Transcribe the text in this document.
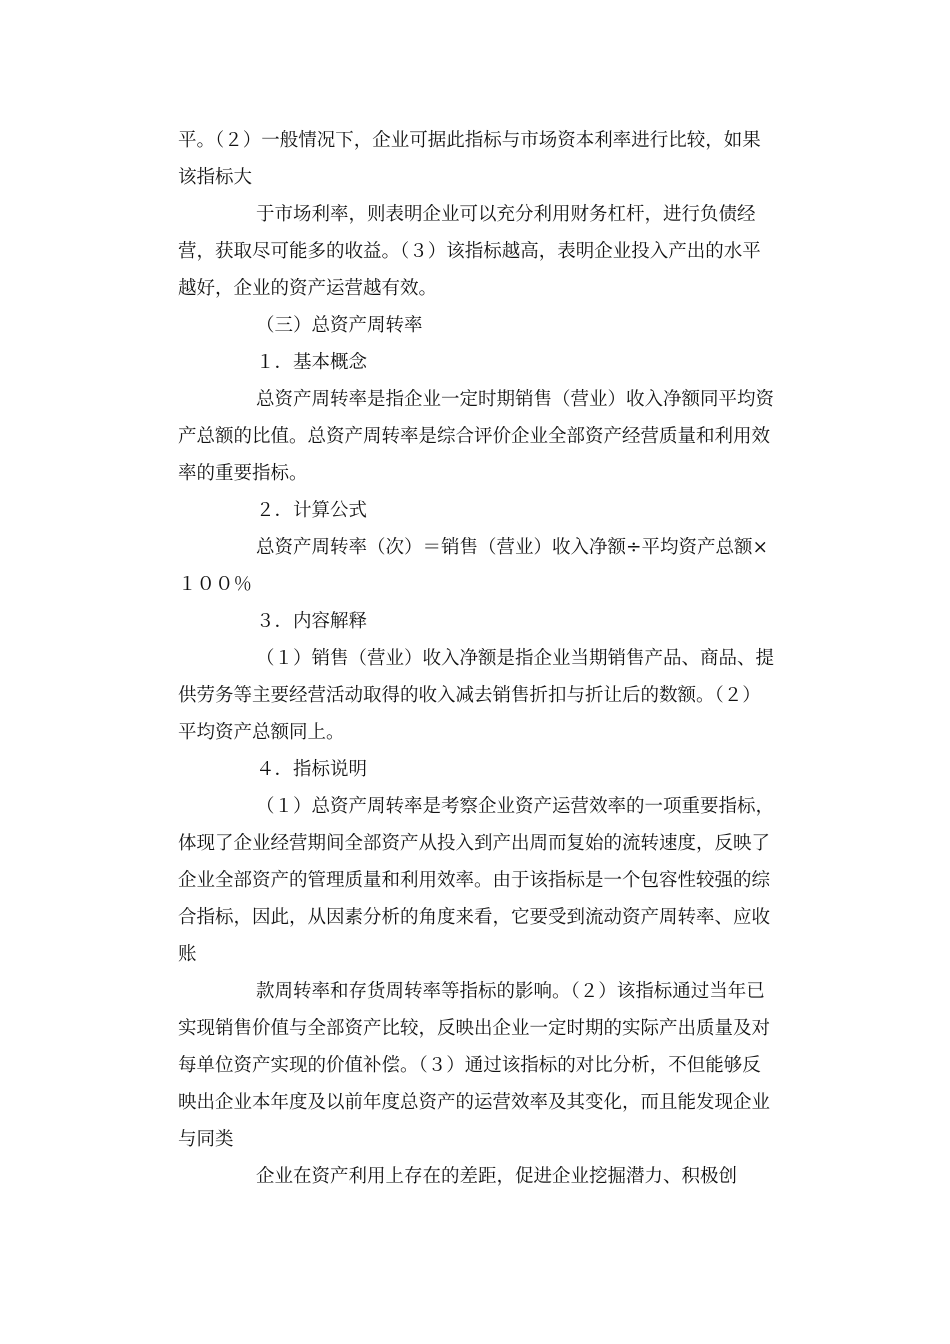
平。（２）一般情况下，企业可据此指标与市场资本利率进行比较，如果该指标大

于市场利率，则表明企业可以充分利用财务杠杆，进行负债经营，获取尽可能多的收益。（３）该指标越高，表明企业投入产出的水平越好，企业的资产运营越有效。

（三）总资产周转率

１．基本概念

总资产周转率是指企业一定时期销售（营业）收入净额同平均资产总额的比值。总资产周转率是综合评价企业全部资产经营质量和利用效率的重要指标。

２．计算公式

总资产周转率（次）＝销售（营业）收入净额÷平均资产总额×１００％

３．内容解释

（１）销售（营业）收入净额是指企业当期销售产品、商品、提供劳务等主要经营活动取得的收入减去销售折扣与折让后的数额。（２）平均资产总额同上。

４．指标说明

（１）总资产周转率是考察企业资产运营效率的一项重要指标，体现了企业经营期间全部资产从投入到产出周而复始的流转速度，反映了企业全部资产的管理质量和利用效率。由于该指标是一个包容性较强的综合指标，因此，从因素分析的角度来看，它要受到流动资产周转率、应收账

款周转率和存货周转率等指标的影响。（２）该指标通过当年已实现销售价值与全部资产比较，反映出企业一定时期的实际产出质量及对每单位资产实现的价值补偿。（３）通过该指标的对比分析，不但能够反映出企业本年度及以前年度总资产的运营效率及其变化，而且能发现企业与同类

企业在资产利用上存在的差距，促进企业挖掘潜力、积极创
